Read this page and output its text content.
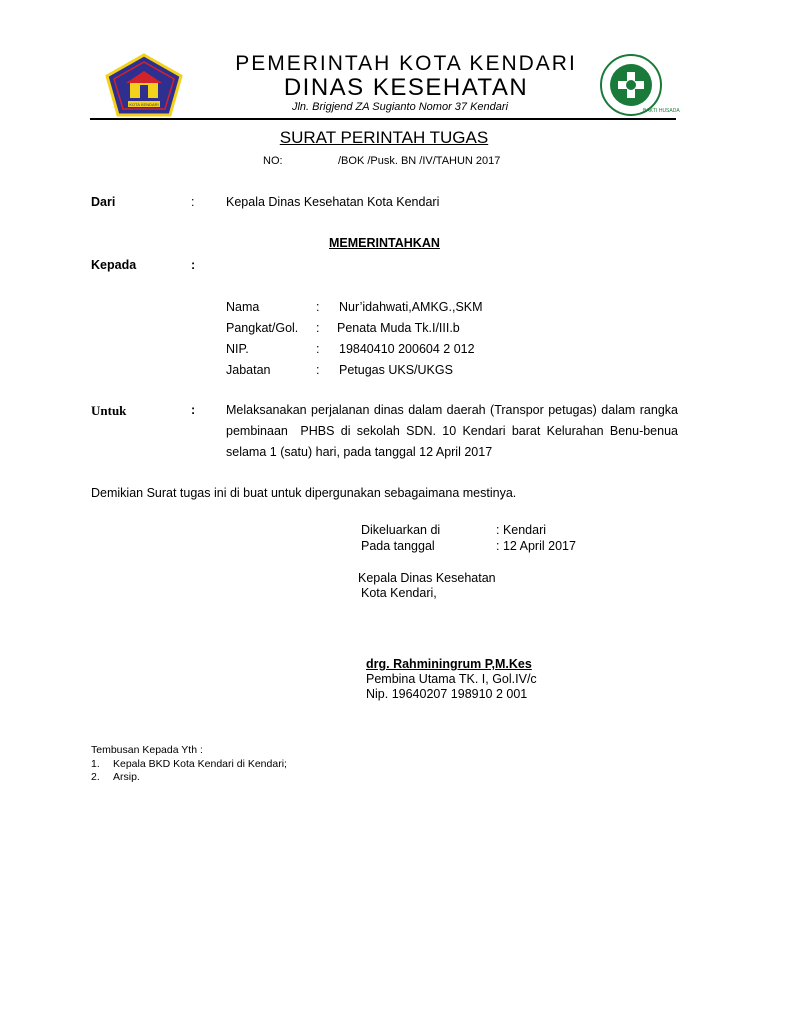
KOTA KENDARI
BAKTI HUSADA
PEMERINTAH KOTA KENDARI
DINAS KESEHATAN
Jln. Brigjend ZA Sugianto Nomor 37 Kendari
SURAT PERINTAH TUGAS
NO:	/BOK /Pusk. BN /IV/TAHUN 2017
Dari	:	Kepala Dinas Kesehatan Kota Kendari
MEMERINTAHKAN
Kepada	:
Nama	: Nur’idahwati,AMKG.,SKM
Pangkat/Gol. : Penata Muda Tk.I/III.b
NIP.	: 19840410 200604 2 012
Jabatan	: Petugas UKS/UKGS
Untuk	: Melaksanakan perjalanan dinas dalam daerah (Transpor petugas) dalam rangka
pembinaan  PHBS di sekolah SDN. 10 Kendari barat Kelurahan Benu-benua
selama 1 (satu) hari, pada tanggal 12 April 2017
Demikian Surat tugas ini di buat untuk dipergunakan sebagaimana mestinya.
Dikeluarkan di	: Kendari
Pada tanggal	: 12 April 2017
Kepala Dinas Kesehatan
Kota Kendari,
drg. Rahminingrum P,M.Kes
Pembina Utama TK. I, Gol.IV/c
Nip. 19640207 198910 2 001
Tembusan Kepada Yth :
1. Kepala BKD Kota Kendari di Kendari;
2. Arsip.
